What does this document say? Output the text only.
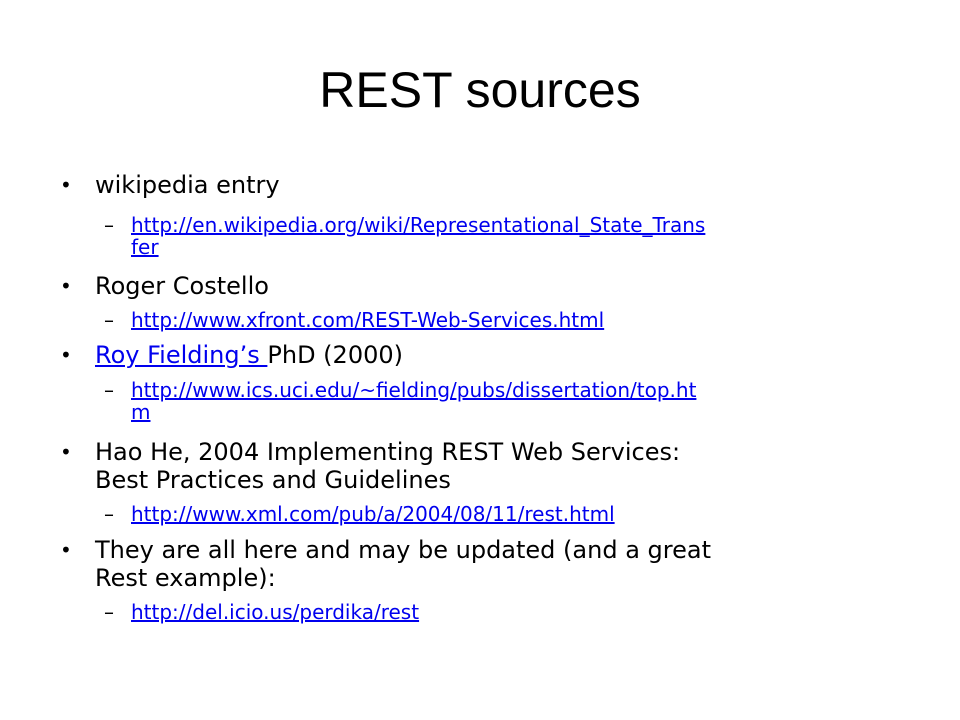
REST sources
• wikipedia entry
– http://en.wikipedia.org/wiki/Representational_State_Trans
fer
• Roger Costello
– http://www.xfront.com/REST-Web-Services.html
• Roy Fielding’s PhD (2000)
– http://www.ics.uci.edu/~fielding/pubs/dissertation/top.ht
m
• Hao He, 2004 Implementing REST Web Services:
Best Practices and Guidelines
– http://www.xml.com/pub/a/2004/08/11/rest.html
• They are all here and may be updated (and a great
Rest example):
– http://del.icio.us/perdika/rest
